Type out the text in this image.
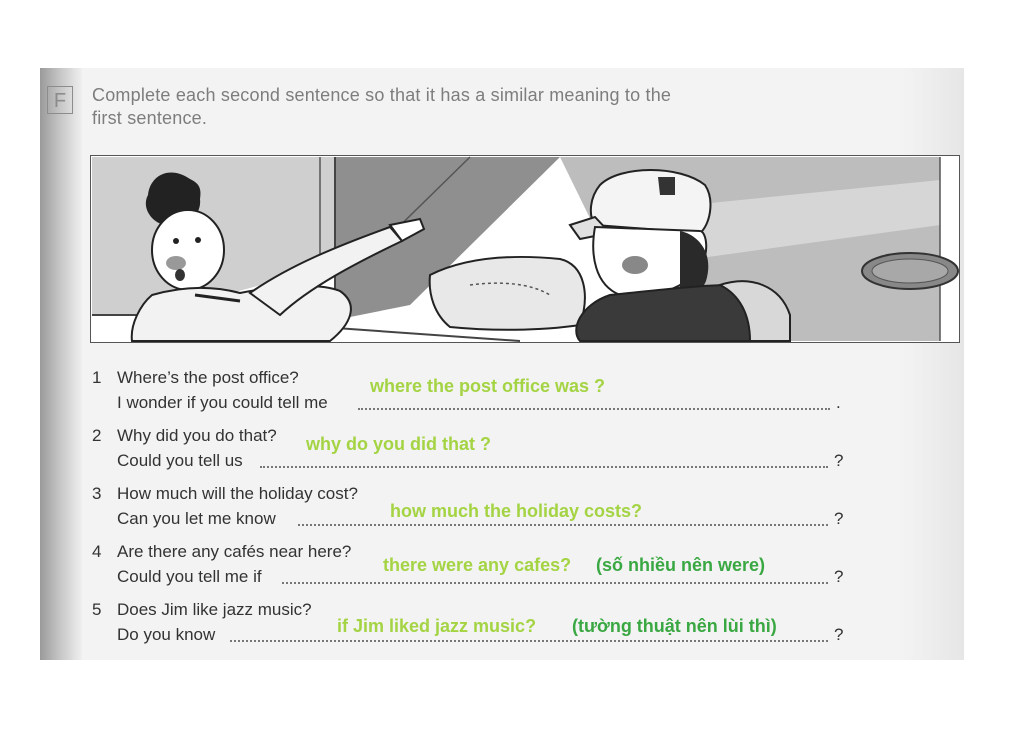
F	Complete each second sentence so that it has a similar meaning to the
first sentence.

1 Where’s the post office?
I wonder if you could tell me	.
where the post office was ?
2 Why did you do that?
Could you tell us	?
why do you did that ?
3 How much will the holiday cost?
Can you let me know	?
how much the holiday costs?
4 Are there any cafés near here?
Could you tell me if	?
there were any cafes? (số nhiều nên were)
5 Does Jim like jazz music?
Do you know	?
if Jim liked jazz music? (tường thuật nên lùi thì)
